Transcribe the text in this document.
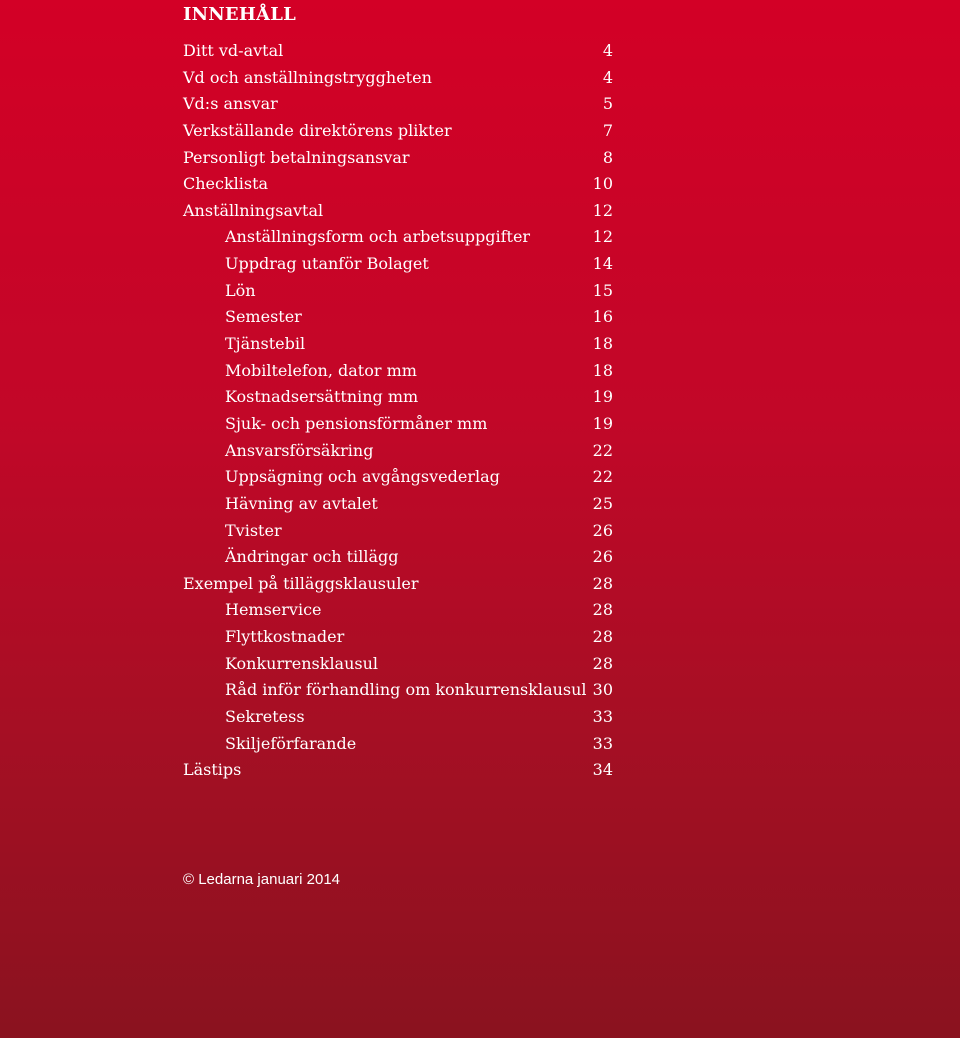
INNEHÅLL
Ditt vd-avtal	4
Vd och anställningstryggheten	4
Vd:s ansvar	5
Verkställande direktörens plikter	7
Personligt betalningsansvar	8
Checklista	10
Anställningsavtal	12
Anställningsform och arbetsuppgifter	12
Uppdrag utanför Bolaget	14
Lön	15
Semester	16
Tjänstebil	18
Mobiltelefon, dator mm	18
Kostnadsersättning mm	19
Sjuk- och pensionsförmåner mm	19
Ansvarsförsäkring	22
Uppsägning och avgångsvederlag	22
Hävning av avtalet	25
Tvister	26
Ändringar och tillägg	26
Exempel på tilläggsklausuler	28
Hemservice	28
Flyttkostnader	28
Konkurrensklausul	28
Råd inför förhandling om konkurrensklausul 30
Sekretess	33
Skiljeförfarande	33
Lästips	34
© Ledarna januari 2014
